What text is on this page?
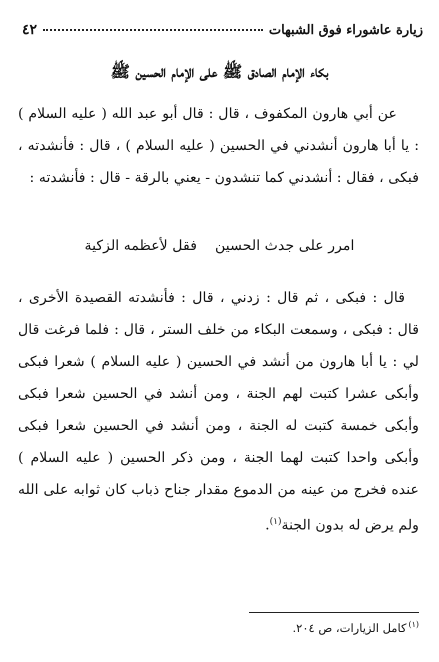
٤٢	زيارة عاشوراء فوق الشبهات
بكاء الإمام الصادق ﷺ على الإمام الحسين ﷺ

عن أبي هارون المكفوف ، قال : قال أبو عبد الله ( عليه السلام ) : يا أبا هارون أنشدني في الحسين ( عليه السلام ) ، قال : فأنشدته ، فبكى ، فقال : أنشدني كما تنشدون - يعني بالرقة - قال : فأنشدته :

امرر على جدث الحسينفقل لأعظمه الزكية

قال : فبكى ، ثم قال : زدني ، قال : فأنشدته القصيدة الأخرى ، قال : فبكى ، وسمعت البكاء من خلف الستر ، قال : فلما فرغت قال لي : يا أبا هارون من أنشد في الحسين ( عليه السلام ) شعرا فبكى وأبكى عشرا كتبت لهم الجنة ، ومن أنشد في الحسين شعرا فبكى وأبكى خمسة كتبت له الجنة ، ومن أنشد في الحسين شعرا فبكى وأبكى واحدا كتبت لهما الجنة ، ومن ذكر الحسين ( عليه السلام ) عنده فخرج من عينه من الدموع مقدار جناح ذباب كان ثوابه على الله ولم يرض له بدون الجنة$^{(١)}$.

$^{(١)}$كامل الزيارات، ص ٢٠٤.
